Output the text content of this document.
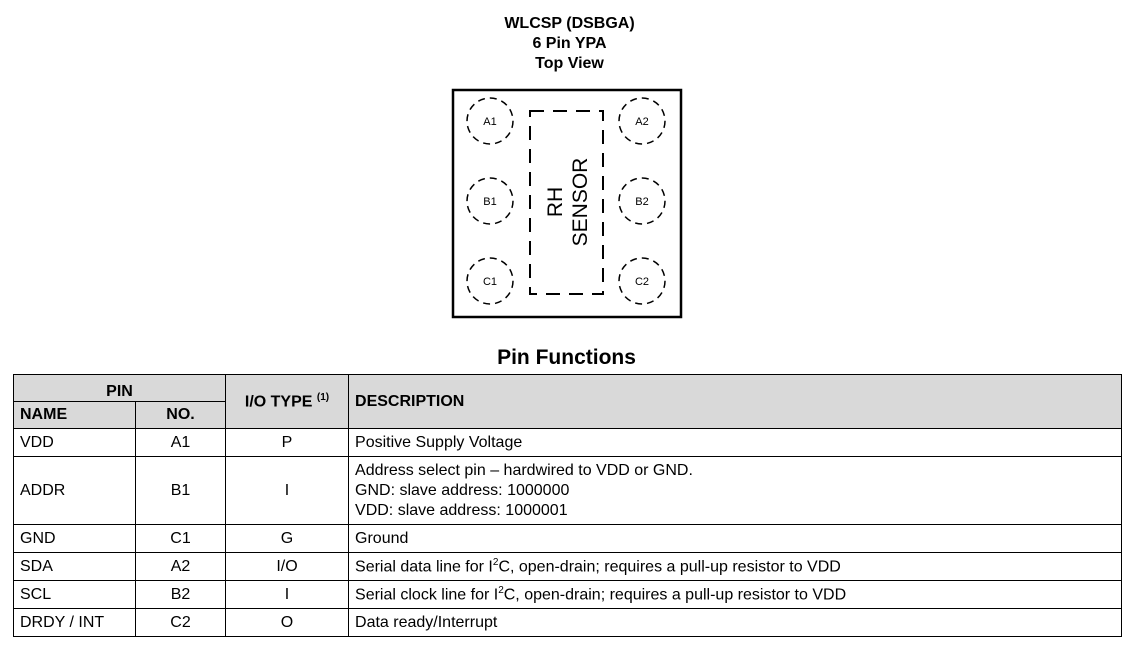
WLCSP (DSBGA)
6 Pin YPA
Top View
A1
B1
C1
A2
B2
C2
RH SENSOR
Pin Functions
PIN		I/O TYPE $^{(1)}$	DESCRIPTION
NAME	NO.		
VDD	A1	P	Positive Supply Voltage
ADDR	B1	I	Address select pin – hardwired to VDD or GND.
GND: slave address: 1000000
VDD: slave address: 1000001

GND	C1	G	Ground
SDA	A2	I/O	Serial data line for $I^2C$, open-drain; requires a pull-up resistor to VDD
SCL	B2	I	Serial clock line for $I^2C$, open-drain; requires a pull-up resistor to VDD
DRDY / INT	C2	O	Data ready/Interrupt
